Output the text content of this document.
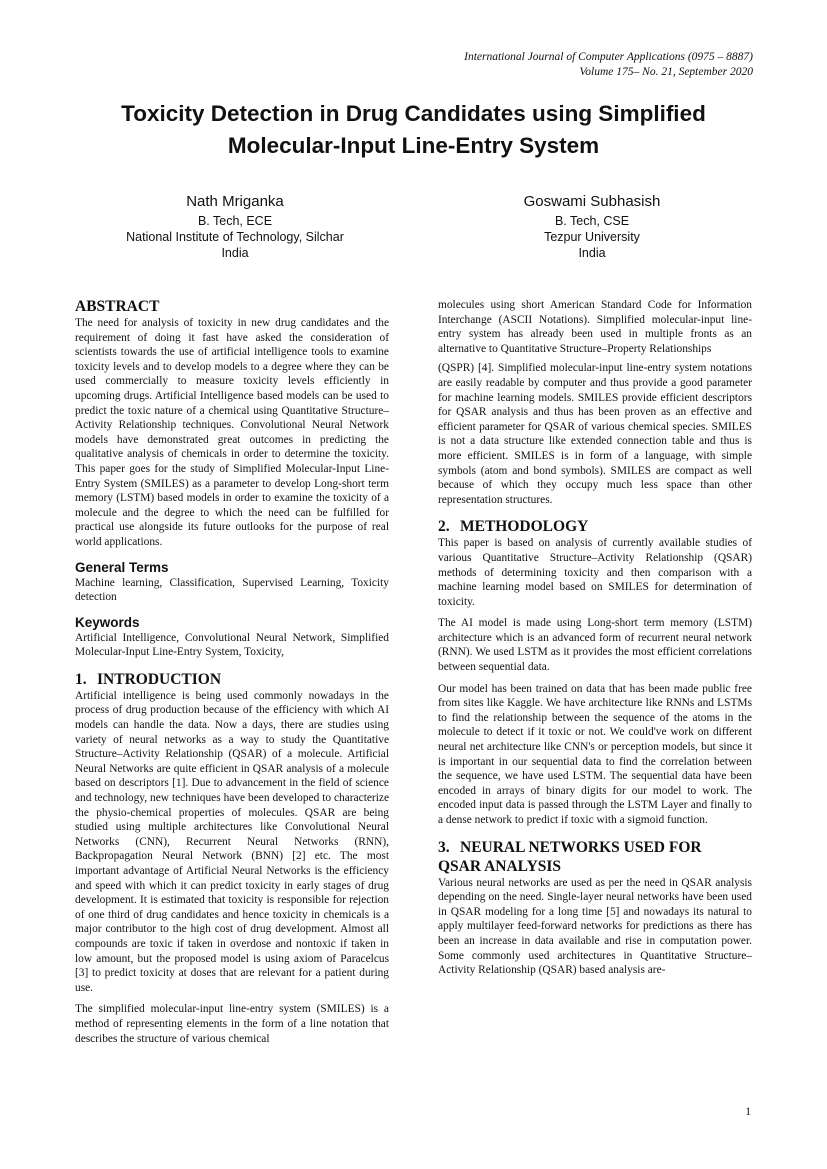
International Journal of Computer Applications (0975 – 8887)
Volume 175– No. 21, September 2020
Toxicity Detection in Drug Candidates using Simplified
Molecular-Input Line-Entry System
Nath Mriganka
B. Tech, ECE
National Institute of Technology, Silchar
India
Goswami Subhasish
B. Tech, CSE
Tezpur University
India
ABSTRACT

The need for analysis of toxicity in new drug candidates and the requirement of doing it fast have asked the consideration of scientists towards the use of artificial intelligence tools to examine toxicity levels and to develop models to a degree where they can be used commercially to measure toxicity levels efficiently in upcoming drugs. Artificial Intelligence based models can be used to predict the toxic nature of a chemical using Quantitative Structure–Activity Relationship techniques. Convolutional Neural Network models have demonstrated great outcomes in predicting the qualitative analysis of chemicals in order to determine the toxicity. This paper goes for the study of Simplified Molecular-Input Line-Entry System (SMILES) as a parameter to develop Long-short term memory (LSTM) based models in order to examine the toxicity of a molecule and the degree to which the need can be fulfilled for practical use alongside its future outlooks for the purpose of real world applications.

General Terms

Machine learning, Classification, Supervised Learning, Toxicity detection

Keywords

Artificial Intelligence, Convolutional Neural Network, Simplified Molecular-Input Line-Entry System, Toxicity,

1. INTRODUCTION

Artificial intelligence is being used commonly nowadays in the process of drug production because of the efficiency with which AI models can handle the data. Now a days, there are studies using variety of neural networks as a way to study the Quantitative Structure–Activity Relationship (QSAR) of a molecule. Artificial Neural Networks are quite efficient in QSAR analysis of a molecule based on descriptors [1]. Due to advancement in the field of science and technology, new techniques have been developed to characterize the physio-chemical properties of molecules. QSAR are being studied using multiple architectures like Convolutional Neural Networks (CNN), Recurrent Neural Networks (RNN), Backpropagation Neural Network (BNN) [2] etc. The most important advantage of Artificial Neural Networks is the efficiency and speed with which it can predict toxicity in early stages of drug development. It is estimated that toxicity is responsible for rejection of one third of drug candidates and hence toxicity in chemicals is a major contributor to the high cost of drug development. Almost all compounds are toxic if taken in overdose and nontoxic if taken in low amount, but the proposed model is using axiom of Paracelcus [3] to predict toxicity at doses that are relevant for a patient during use.

The simplified molecular-input line-entry system (SMILES) is a method of representing elements in the form of a line notation that describes the structure of various chemical

molecules using short American Standard Code for Information Interchange (ASCII Notations). Simplified molecular-input line-entry system has already been used in multiple fronts as an alternative to Quantitative Structure–Property Relationships

(QSPR) [4]. Simplified molecular-input line-entry system notations are easily readable by computer and thus provide a good parameter for machine learning models. SMILES provide efficient descriptors for QSAR analysis and thus has been proven as an effective and efficient parameter for QSAR of various chemical species. SMILES is not a data structure like extended connection table and thus is more efficient. SMILES is in form of a language, with simple symbols (atom and bond symbols). SMILES are compact as well because of which they occupy much less space than other representation structures.

2. METHODOLOGY

This paper is based on analysis of currently available studies of various Quantitative Structure–Activity Relationship (QSAR) methods of determining toxicity and then comparison with a machine learning model based on SMILES for determination of toxicity.

The AI model is made using Long-short term memory (LSTM) architecture which is an advanced form of recurrent neural network (RNN). We used LSTM as it provides the most efficient correlations between sequential data.

Our model has been trained on data that has been made public free from sites like Kaggle. We have architecture like RNNs and LSTMs to find the relationship between the sequence of the atoms in the molecule to detect if it toxic or not. We could've work on different neural net architecture like CNN's or perception models, but since it is important in our sequential data to find the correlation between the sequence, we have used LSTM. The sequential data have been encoded in arrays of binary digits for our model to work. The encoded input data is passed through the LSTM Layer and finally to a dense network to predict if toxic with a sigmoid function.

3. NEURAL NETWORKS USED FOR
QSAR ANALYSIS

Various neural networks are used as per the need in QSAR analysis depending on the need. Single-layer neural networks have been used in QSAR modeling for a long time [5] and nowadays its natural to apply multilayer feed-forward networks for predictions as there has been an increase in data available and rise in computation power. Some commonly used architectures in Quantitative Structure–Activity Relationship (QSAR) based analysis are-

1
